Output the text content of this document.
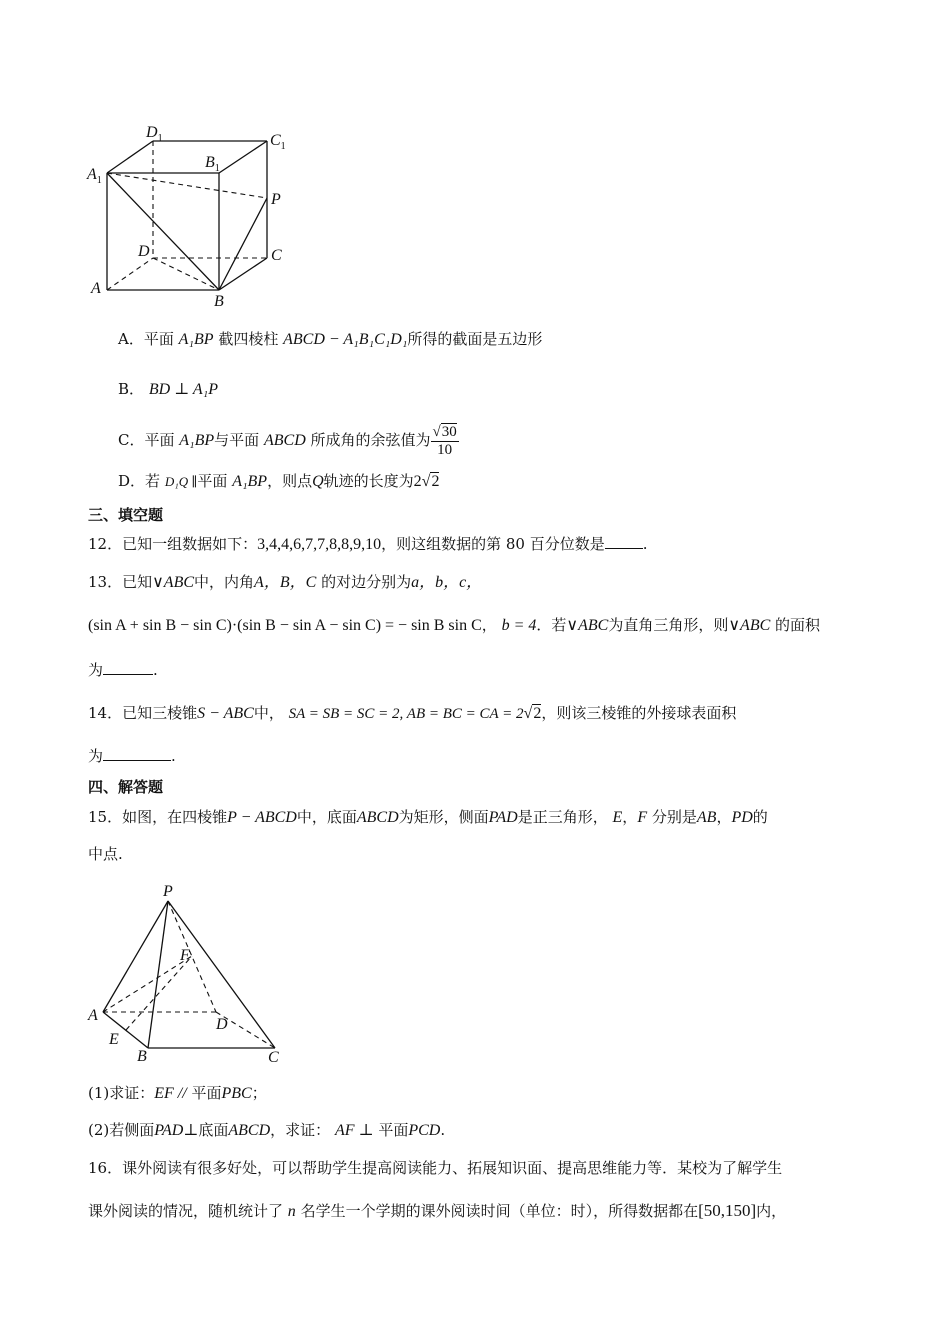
$D_1$	$C_1$
$A_1$
$B_1$
P
D	C
A
B
A．平面 A₁BP 截四棱柱 ABCD − A₁B₁C₁D₁所得的截面是五边形
B． BD ⊥ A₁P
C．平面 A₁BP与平面 ABCD 所成角的余弦值为 $\frac{√30}{10}$
D．若 D₁Q ∥平面 A₁BP，则点Q轨迹的长度为2√2
三、填空题
12．已知一组数据如下：3,4,4,6,7,7,8,8,9,10，则这组数据的第 80 百分位数是	.
13．已知∨ABC中，内角A，B，C 的对边分别为a，b，c，
(sin A + sin B − sin C)·(sin B − sin A − sin C) = − sin B sin C， b = 4．若∨ABC为直角三角形，则∨ABC 的面积
为	.
14．已知三棱锥S − ABC中， SA = SB = SC = 2, AB = BC = CA = 2√2，则该三棱锥的外接球表面积
为	.
四、解答题
15．如图，在四棱锥P − ABCD中，底面ABCD为矩形，侧面PAD是正三角形， E，F 分别是AB，PD的
中点.
P
F
A
D
E
B	C
(1)求证：EF // 平面PBC；
(2)若侧面PAD⊥底面ABCD，求证： AF ⊥ 平面PCD.
16．课外阅读有很多好处，可以帮助学生提高阅读能力、拓展知识面、提高思维能力等．某校为了解学生
课外阅读的情况，随机统计了 n 名学生一个学期的课外阅读时间（单位：时），所得数据都在[50,150]内，
